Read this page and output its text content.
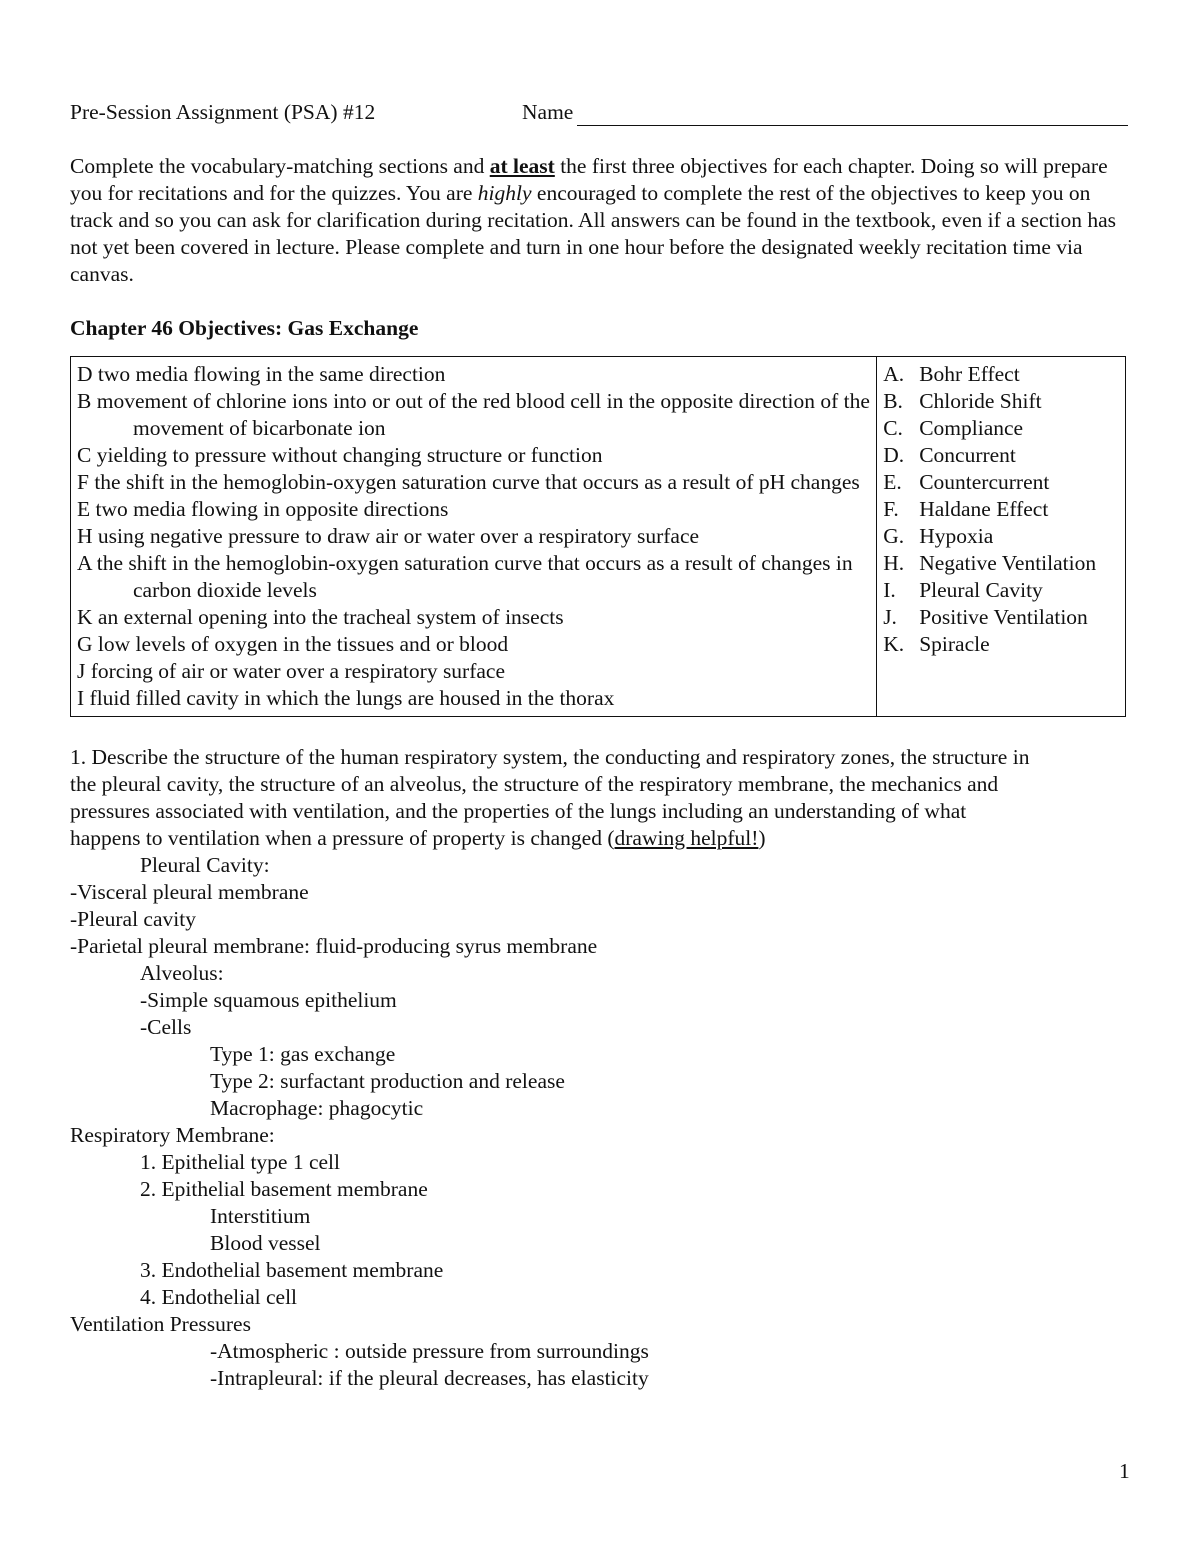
Pre-Session Assignment (PSA) #12	Name
Complete the vocabulary-matching sections and at least the first three objectives for each chapter. Doing so will prepare you for recitations and for the quizzes. You are highly encouraged to complete the rest of the objectives to keep you on track and so you can ask for clarification during recitation. All answers can be found in the textbook, even if a section has not yet been covered in lecture. Please complete and turn in one hour before the designated weekly recitation time via canvas.
Chapter 46 Objectives: Gas Exchange
D two media flowing in the same direction
B movement of chlorine ions into or out of the red blood cell in the opposite direction of the movement of bicarbonate ion
C yielding to pressure without changing structure or function
F the shift in the hemoglobin-oxygen saturation curve that occurs as a result of pH changes
E two media flowing in opposite directions
H using negative pressure to draw air or water over a respiratory surface
A the shift in the hemoglobin-oxygen saturation curve that occurs as a result of changes in carbon dioxide levels
K an external opening into the tracheal system of insects
G low levels of oxygen in the tissues and or blood
J forcing of air or water over a respiratory surface
I fluid filled cavity in which the lungs are housed in the thorax

A. Bohr Effect
B. Chloride Shift
C. Compliance
D. Concurrent
E. Countercurrent
F. Haldane Effect
G. Hypoxia
H. Negative Ventilation
I.	Pleural Cavity
J.	Positive Ventilation
K. Spiracle
1. Describe the structure of the human respiratory system, the conducting and respiratory zones, the structure in
the pleural cavity, the structure of an alveolus, the structure of the respiratory membrane, the mechanics and
pressures associated with ventilation, and the properties of the lungs including an understanding of what
happens to ventilation when a pressure of property is changed (drawing helpful!)
Pleural Cavity:
-Visceral pleural membrane
-Pleural cavity
-Parietal pleural membrane: fluid-producing syrus membrane
Alveolus:
-Simple squamous epithelium
-Cells
Type 1: gas exchange
Type 2: surfactant production and release
Macrophage: phagocytic
Respiratory Membrane:
1. Epithelial type 1 cell
2. Epithelial basement membrane
Interstitium
Blood vessel
3. Endothelial basement membrane
4. Endothelial cell
Ventilation Pressures
-Atmospheric : outside pressure from surroundings
-Intrapleural: if the pleural decreases, has elasticity
1
